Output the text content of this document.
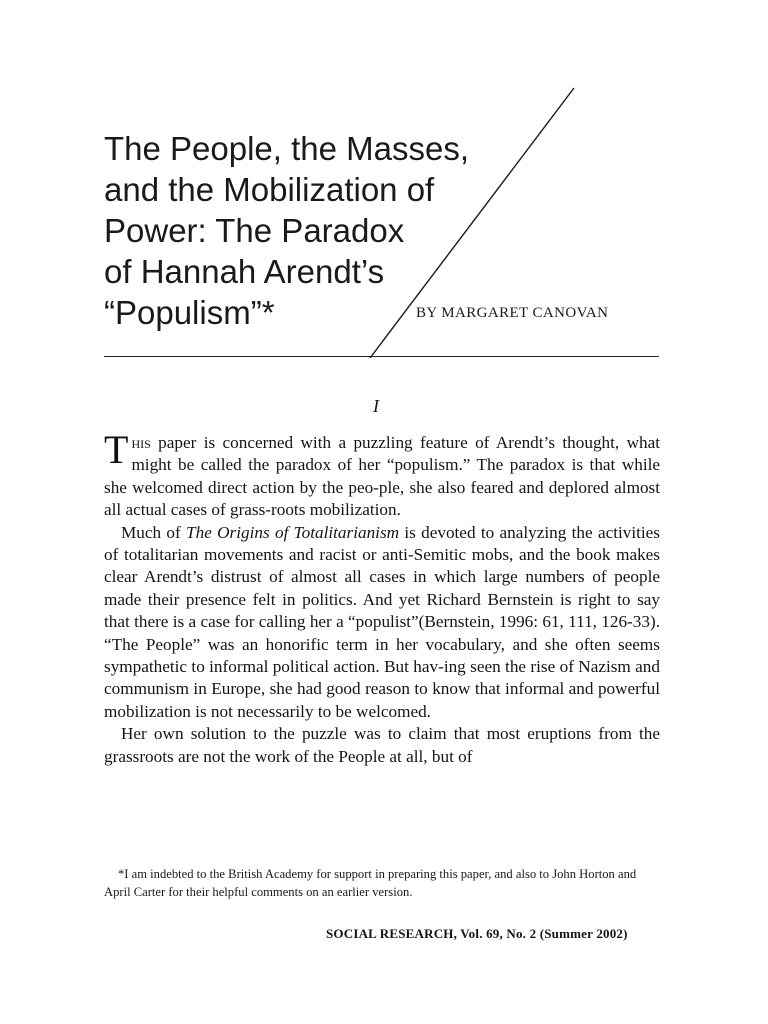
The People, the Masses,
and the Mobilization of
Power: The Paradox
of Hannah Arendt’s
“Populism”*	BY MARGARET CANOVAN
I

This paper is concerned with a puzzling feature of Arendt’s thought, what might be called the paradox of her “populism.” The paradox is that while she welcomed direct action by the peo-ple, she also feared and deplored almost all actual cases of grass-roots mobilization.

Much of The Origins of Totalitarianism is devoted to analyzing the activities of totalitarian movements and racist or anti-Semitic mobs, and the book makes clear Arendt’s distrust of almost all cases in which large numbers of people made their presence felt in politics. And yet Richard Bernstein is right to say that there is a case for calling her a “populist”(Bernstein, 1996: 61, 111, 126-33). “The People” was an honorific term in her vocabulary, and she often seems sympathetic to informal political action. But hav-ing seen the rise of Nazism and communism in Europe, she had good reason to know that informal and powerful mobilization is not necessarily to be welcomed.

Her own solution to the puzzle was to claim that most eruptions from the grassroots are not the work of the People at all, but of

*I am indebted to the British Academy for support in preparing this paper, and also to John Horton and April Carter for their helpful comments on an earlier version.

SOCIAL RESEARCH, Vol. 69, No. 2 (Summer 2002)
